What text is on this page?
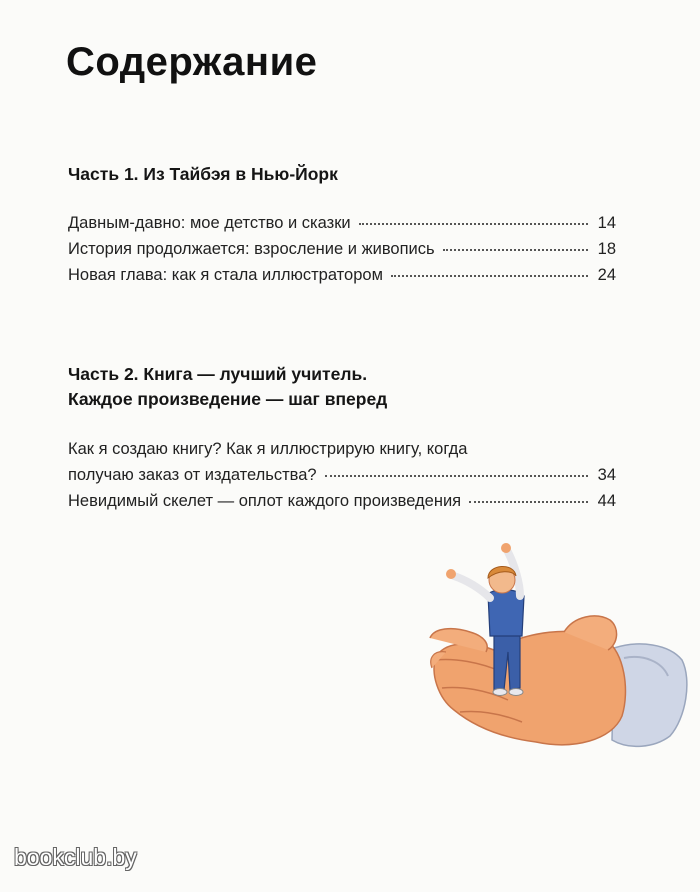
Содержание
Часть 1. Из Тайбэя в Нью-Йорк
Давным-давно: мое детство и сказки	14
История продолжается: взросление и живопись	18
Новая глава: как я стала иллюстратором	24
Часть 2. Книга — лучший учитель.
Каждое произведение — шаг вперед
Как я создаю книгу? Как я иллюстрирую книгу, когда
получаю заказ от издательства?	34
Невидимый скелет — оплот каждого произведения	44
bookclub.by
